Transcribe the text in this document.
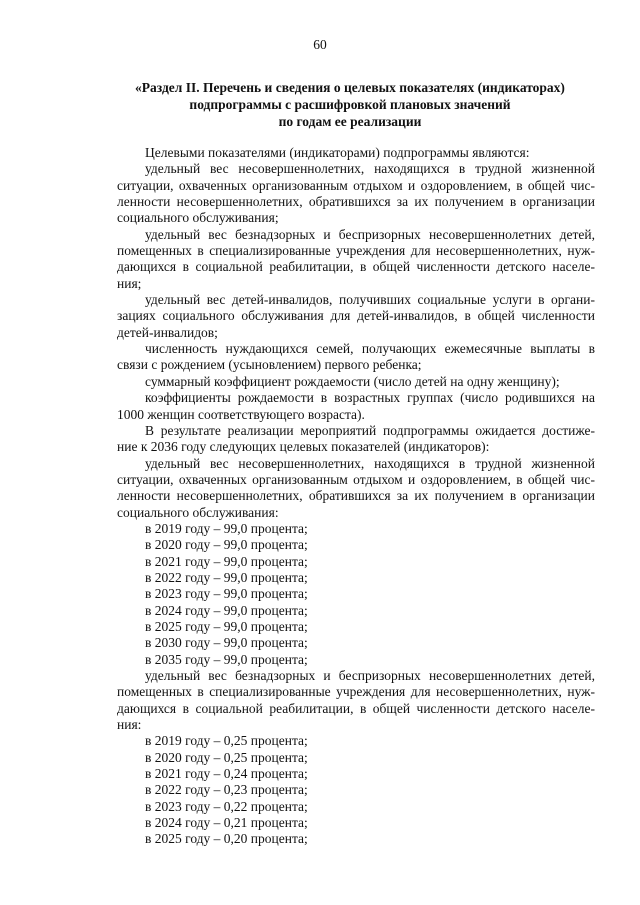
60
«Раздел II. Перечень и сведения о целевых показателях (индикаторах)
подпрограммы с расшифровкой плановых значений
по годам ее реализации
Целевыми показателями (индикаторами) подпрограммы являются:
удельный вес несовершеннолетних, находящихся в трудной жизненной
ситуации, охваченных организованным отдыхом и оздоровлением, в общей чис-
ленности несовершеннолетних, обратившихся за их получением в организации
социального обслуживания;
удельный вес безнадзорных и беспризорных несовершеннолетних детей,
помещенных в специализированные учреждения для несовершеннолетних, нуж-
дающихся в социальной реабилитации, в общей численности детского населе-
ния;
удельный вес детей-инвалидов, получивших социальные услуги в органи-
зациях социального обслуживания для детей-инвалидов, в общей численности
детей-инвалидов;
численность нуждающихся семей, получающих ежемесячные выплаты в
связи с рождением (усыновлением) первого ребенка;
суммарный коэффициент рождаемости (число детей на одну женщину);
коэффициенты рождаемости в возрастных группах (число родившихся на
1000 женщин соответствующего возраста).
В результате реализации мероприятий подпрограммы ожидается достиже-
ние к 2036 году следующих целевых показателей (индикаторов):
удельный вес несовершеннолетних, находящихся в трудной жизненной
ситуации, охваченных организованным отдыхом и оздоровлением, в общей чис-
ленности несовершеннолетних, обратившихся за их получением в организации
социального обслуживания:
в 2019 году – 99,0 процента;
в 2020 году – 99,0 процента;
в 2021 году – 99,0 процента;
в 2022 году – 99,0 процента;
в 2023 году – 99,0 процента;
в 2024 году – 99,0 процента;
в 2025 году – 99,0 процента;
в 2030 году – 99,0 процента;
в 2035 году – 99,0 процента;
удельный вес безнадзорных и беспризорных несовершеннолетних детей,
помещенных в специализированные учреждения для несовершеннолетних, нуж-
дающихся в социальной реабилитации, в общей численности детского населе-
ния:
в 2019 году – 0,25 процента;
в 2020 году – 0,25 процента;
в 2021 году – 0,24 процента;
в 2022 году – 0,23 процента;
в 2023 году – 0,22 процента;
в 2024 году – 0,21 процента;
в 2025 году – 0,20 процента;
